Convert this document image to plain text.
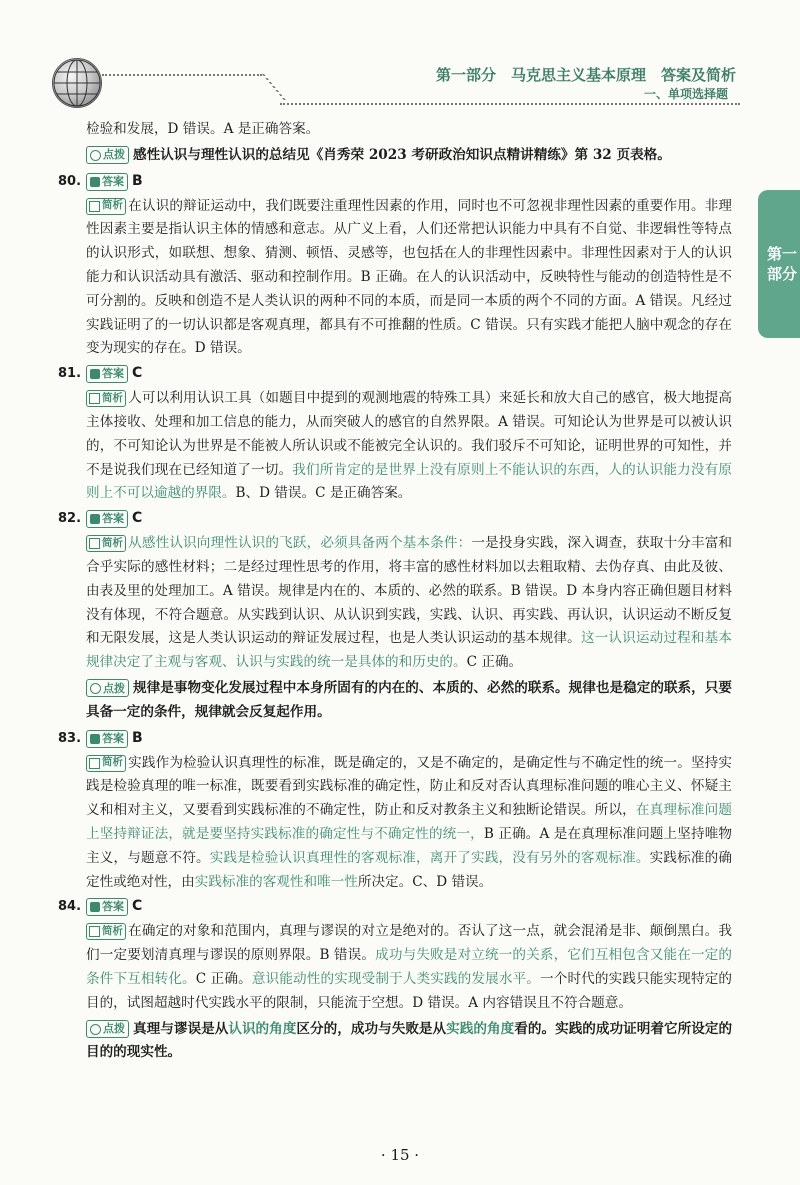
第一部分　马克思主义基本原理　答案及简析
一、单项选择题
第一
部分

检验和发展，D 错误。A 是正确答案。

点拨 感性认识与理性认识的总结见《肖秀荣 2023 考研政治知识点精讲精练》第 32 页表格。

80. 答案 B

简析 在认识的辩证运动中，我们既要注重理性因素的作用，同时也不可忽视非理性因素的重要作用。非理性因素主要是指认识主体的情感和意志。从广义上看，人们还常把认识能力中具有不自觉、非逻辑性等特点的认识形式，如联想、想象、猜测、顿悟、灵感等，也包括在人的非理性因素中。非理性因素对于人的认识能力和认识活动具有激活、驱动和控制作用。B 正确。在人的认识活动中，反映特性与能动的创造特性是不可分割的。反映和创造不是人类认识的两种不同的本质，而是同一本质的两个不同的方面。A 错误。凡经过实践证明了的一切认识都是客观真理，都具有不可推翻的性质。C 错误。只有实践才能把人脑中观念的存在变为现实的存在。D 错误。

81. 答案 C

简析 人可以利用认识工具（如题目中提到的观测地震的特殊工具）来延长和放大自己的感官，极大地提高主体接收、处理和加工信息的能力，从而突破人的感官的自然界限。A 错误。可知论认为世界是可以被认识的，不可知论认为世界是不能被人所认识或不能被完全认识的。我们驳斥不可知论，证明世界的可知性，并不是说我们现在已经知道了一切。我们所肯定的是世界上没有原则上不能认识的东西，人的认识能力没有原则上不可以逾越的界限。B、D 错误。C 是正确答案。

82. 答案 C

简析 从感性认识向理性认识的飞跃，必须具备两个基本条件：一是投身实践，深入调查，获取十分丰富和合乎实际的感性材料；二是经过理性思考的作用，将丰富的感性材料加以去粗取精、去伪存真、由此及彼、由表及里的处理加工。A 错误。规律是内在的、本质的、必然的联系。B 错误。D 本身内容正确但题目材料没有体现，不符合题意。从实践到认识、从认识到实践，实践、认识、再实践、再认识，认识运动不断反复和无限发展，这是人类认识运动的辩证发展过程，也是人类认识运动的基本规律。这一认识运动过程和基本规律决定了主观与客观、认识与实践的统一是具体的和历史的。C 正确。

点拨 规律是事物变化发展过程中本身所固有的内在的、本质的、必然的联系。规律也是稳定的联系，只要具备一定的条件，规律就会反复起作用。

83. 答案 B

简析 实践作为检验认识真理性的标准，既是确定的，又是不确定的，是确定性与不确定性的统一。坚持实践是检验真理的唯一标准，既要看到实践标准的确定性，防止和反对否认真理标准问题的唯心主义、怀疑主义和相对主义，又要看到实践标准的不确定性，防止和反对教条主义和独断论错误。所以，在真理标准问题上坚持辩证法，就是要坚持实践标准的确定性与不确定性的统一，B 正确。A 是在真理标准问题上坚持唯物主义，与题意不符。实践是检验认识真理性的客观标准，离开了实践，没有另外的客观标准。实践标准的确定性或绝对性，由实践标准的客观性和唯一性所决定。C、D 错误。

84. 答案 C

简析 在确定的对象和范围内，真理与谬误的对立是绝对的。否认了这一点，就会混淆是非、颠倒黑白。我们一定要划清真理与谬误的原则界限。B 错误。成功与失败是对立统一的关系，它们互相包含又能在一定的条件下互相转化。C 正确。意识能动性的实现受制于人类实践的发展水平。一个时代的实践只能实现特定的目的，试图超越时代实践水平的限制，只能流于空想。D 错误。A 内容错误且不符合题意。

点拨 真理与谬误是从认识的角度区分的，成功与失败是从实践的角度看的。实践的成功证明着它所设定的目的的现实性。

· 15 ·
